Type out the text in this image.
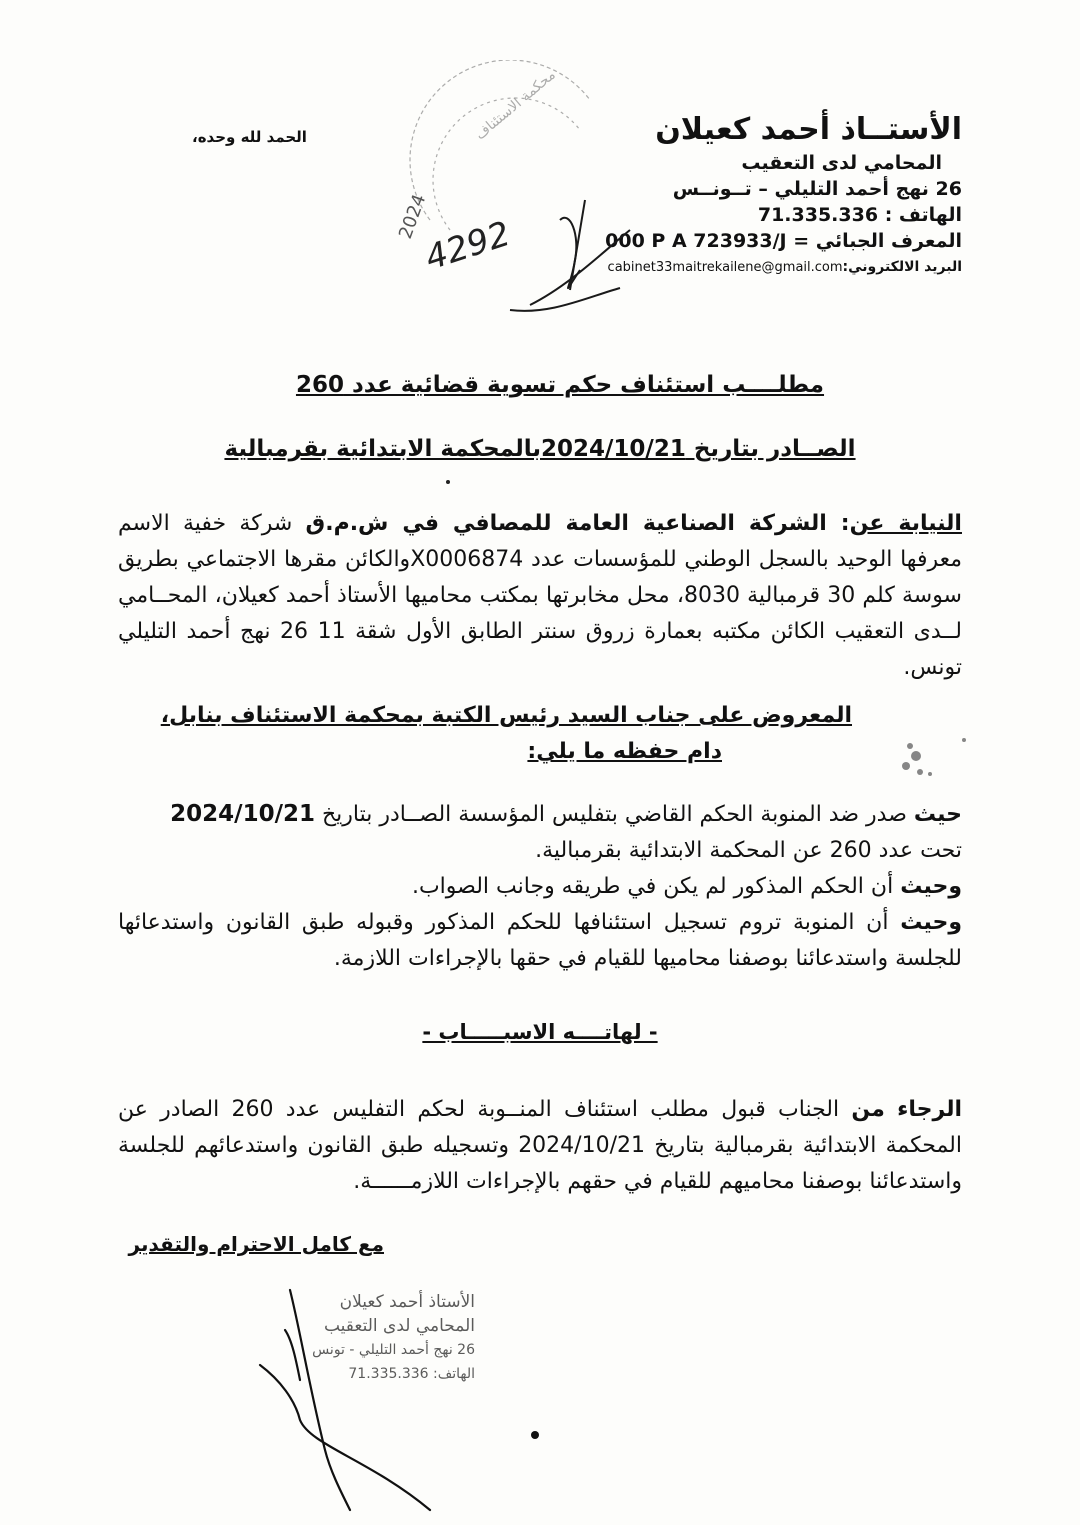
الأستــاذ أحمد كعيلان
المحامي لدى التعقيب
26 نهج أحمد التليلي – تــونــس
الهاتف : 71.335.336
المعرف الجبائي = 000 P A 723933/J
البريد الالكتروني:cabinet33maitrekailene@gmail.com
الحمد لله وحده،
2024
محكمة الاستئناف
4292
مطلــــب استئناف حكم تسوية قضائية عدد 260
الصــادر بتاريخ 2024/10/21بالمحكمة الابتدائية بقرمبالية
النيابة عن: الشركة الصناعية العامة للمصافي في ش.م.ق شركة خفية الاسم معرفها الوحيد بالسجل الوطني للمؤسسات عدد X0006874والكائن مقرها الاجتماعي بطريق سوسة كلم 30 قرمبالية 8030، محل مخابرتها بمكتب محاميها الأستاذ أحمد كعيلان، المحــامي لــدى التعقيب الكائن مكتبه بعمارة زروق سنتر الطابق الأول شقة 11 26 نهج أحمد التليلي تونس.
المعروض على جناب السيد رئيس الكتبة بمحكمة الاستئناف بنابل،
دام حفظه ما يلي:
حيث صدر ضد المنوبة الحكم القاضي بتفليس المؤسسة الصــادر بتاريخ 2024/10/21
تحت عدد 260 عن المحكمة الابتدائية بقرمبالية.
وحيث أن الحكم المذكور لم يكن في طريقه وجانب الصواب.
وحيث أن المنوبة تروم تسجيل استئنافها للحكم المذكور وقبوله طبق القانون واستدعائها للجلسة واستدعائنا بوصفنا محاميها للقيام في حقها بالإجراءات اللازمة.
- لهاتــــه الاسبـــــاب -
الرجاء من الجناب قبول مطلب استئناف المنــوبة لحكم التفليس عدد 260 الصادر عن المحكمة الابتدائية بقرمبالية بتاريخ 2024/10/21 وتسجيله طبق القانون واستدعائهم للجلسة واستدعائنا بوصفنا محاميهم للقيام في حقهم بالإجراءات اللازمــــــة.
مع كامل الاحترام والتقدير
الأستاذ أحمد كعيلان
المحامي لدى التعقيب
26 نهج أحمد التليلي - تونس
الهاتف: 71.335.336
